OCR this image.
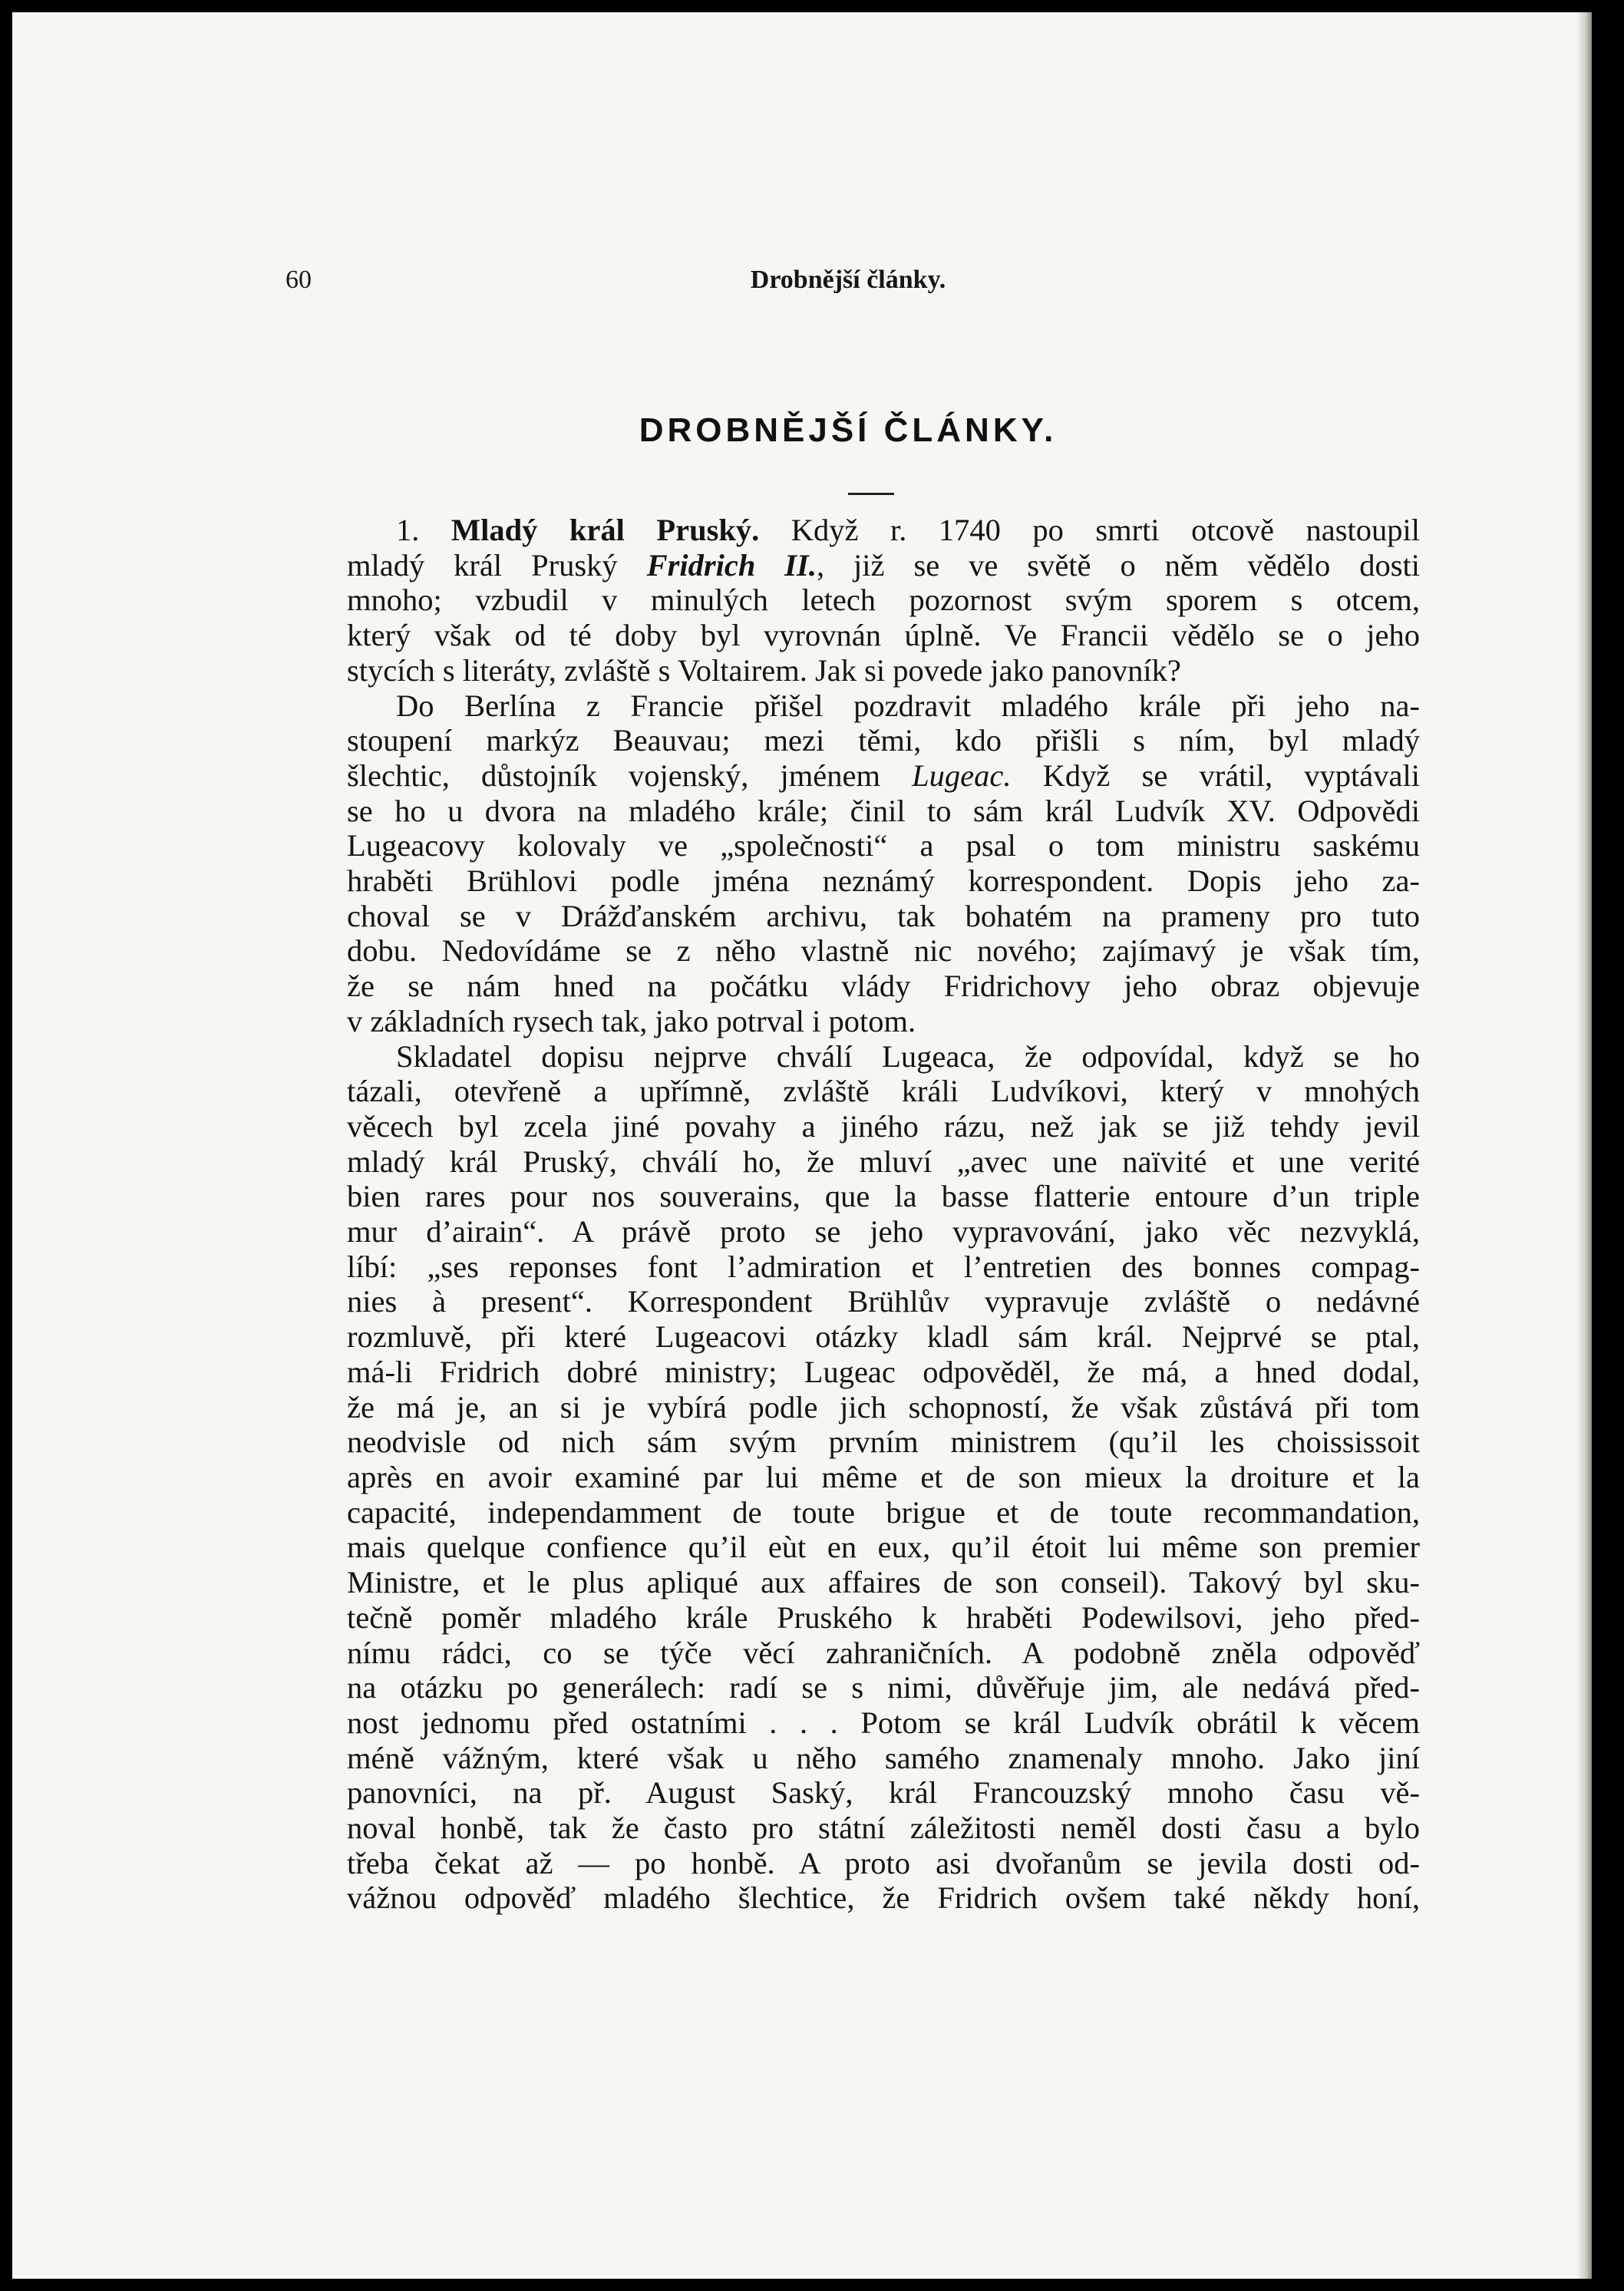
60	Drobnější články.
DROBNĚJŠÍ ČLÁNKY.
1. Mladý král Pruský. Když r. 1740 po smrti otcově nastoupil
mladý král Pruský Fridrich II., již se ve světě o něm vědělo dosti
mnoho; vzbudil v minulých letech pozornost svým sporem s otcem,
který však od té doby byl vyrovnán úplně. Ve Francii vědělo se o jeho
stycích s literáty, zvláště s Voltairem. Jak si povede jako panovník?
Do Berlína z Francie přišel pozdravit mladého krále při jeho na-
stoupení markýz Beauvau; mezi těmi, kdo přišli s ním, byl mladý
šlechtic, důstojník vojenský, jménem Lugeac. Když se vrátil, vyptávali
se ho u dvora na mladého krále; činil to sám král Ludvík XV. Odpovědi
Lugeacovy kolovaly ve „společnosti“ a psal o tom ministru saskému
hraběti Brühlovi podle jména neznámý korrespondent. Dopis jeho za-
choval se v Drážďanském archivu, tak bohatém na prameny pro tuto
dobu. Nedovídáme se z něho vlastně nic nového; zajímavý je však tím,
že se nám hned na počátku vlády Fridrichovy jeho obraz objevuje
v základních rysech tak, jako potrval i potom.
Skladatel dopisu nejprve chválí Lugeaca, že odpovídal, když se ho
tázali, otevřeně a upřímně, zvláště králi Ludvíkovi, který v mnohých
věcech byl zcela jiné povahy a jiného rázu, než jak se již tehdy jevil
mladý král Pruský, chválí ho, že mluví „avec une naïvité et une verité
bien rares pour nos souverains, que la basse flatterie entoure d’un triple
mur d’airain“. A právě proto se jeho vypravování, jako věc nezvyklá,
líbí: „ses reponses font l’admiration et l’entretien des bonnes compag-
nies à present“. Korrespondent Brühlův vypravuje zvláště o nedávné
rozmluvě, při které Lugeacovi otázky kladl sám král. Nejprvé se ptal,
má-li Fridrich dobré ministry; Lugeac odpověděl, že má, a hned dodal,
že má je, an si je vybírá podle jich schopností, že však zůstává při tom
neodvisle od nich sám svým prvním ministrem (qu’il les choississoit
après en avoir examiné par lui même et de son mieux la droiture et la
capacité, independamment de toute brigue et de toute recommandation,
mais quelque confience qu’il eùt en eux, qu’il étoit lui même son premier
Ministre, et le plus apliqué aux affaires de son conseil). Takový byl sku-
tečně poměr mladého krále Pruského k hraběti Podewilsovi, jeho před-
nímu rádci, co se týče věcí zahraničních. A podobně zněla odpověď
na otázku po generálech: radí se s nimi, důvěřuje jim, ale nedává před-
nost jednomu před ostatními . . . Potom se král Ludvík obrátil k věcem
méně vážným, které však u něho samého znamenaly mnoho. Jako jiní
panovníci, na př. August Saský, král Francouzský mnoho času vě-
noval honbě, tak že často pro státní záležitosti neměl dosti času a bylo
třeba čekat až — po honbě. A proto asi dvořanům se jevila dosti od-
vážnou odpověď mladého šlechtice, že Fridrich ovšem také někdy honí,
